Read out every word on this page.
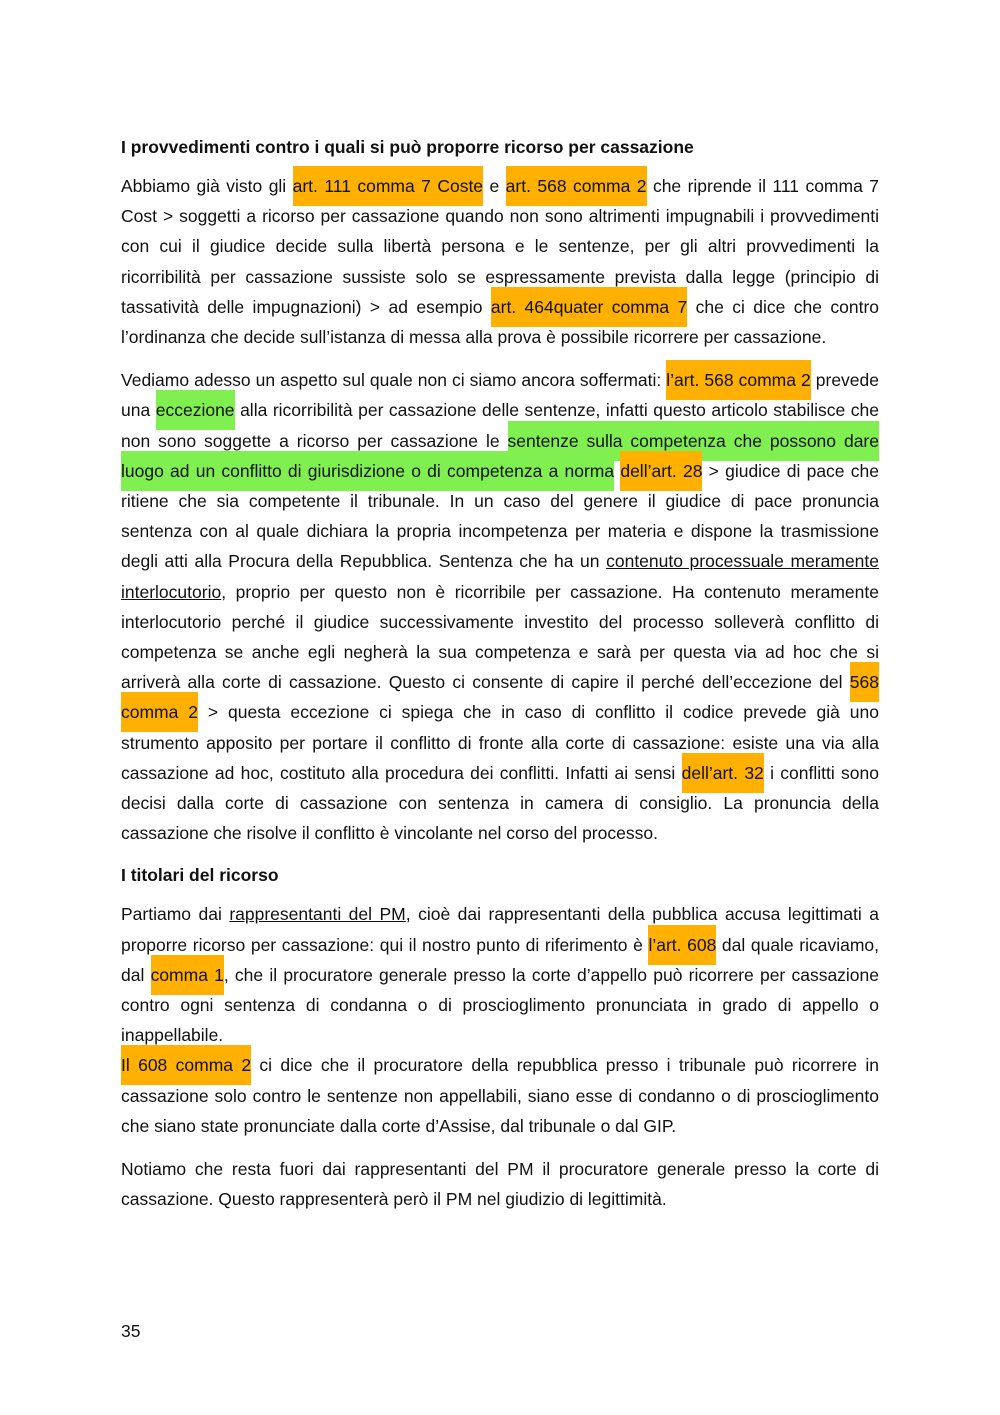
I provvedimenti contro i quali si può proporre ricorso per cassazione
Abbiamo già visto gli art. 111 comma 7 Coste e art. 568 comma 2 che riprende il 111 comma 7 Cost > soggetti a ricorso per cassazione quando non sono altrimenti impugnabili i provvedimenti con cui il giudice decide sulla libertà persona e le sentenze, per gli altri provvedimenti la ricorribilità per cassazione sussiste solo se espressamente prevista dalla legge (principio di tassatività delle impugnazioni) > ad esempio art. 464quater comma 7 che ci dice che contro l’ordinanza che decide sull’istanza di messa alla prova è possibile ricorrere per cassazione.
Vediamo adesso un aspetto sul quale non ci siamo ancora soffermati: l’art. 568 comma 2 prevede una eccezione alla ricorribilità per cassazione delle sentenze, infatti questo articolo stabilisce che non sono soggette a ricorso per cassazione le sentenze sulla competenza che possono dare luogo ad un conflitto di giurisdizione o di competenza a norma dell’art. 28 > giudice di pace che ritiene che sia competente il tribunale. In un caso del genere il giudice di pace pronuncia sentenza con al quale dichiara la propria incompetenza per materia e dispone la trasmissione degli atti alla Procura della Repubblica. Sentenza che ha un contenuto processuale meramente interlocutorio, proprio per questo non è ricorribile per cassazione. Ha contenuto meramente interlocutorio perché il giudice successivamente investito del processo solleverà conflitto di competenza se anche egli negherà la sua competenza e sarà per questa via ad hoc che si arriverà alla corte di cassazione. Questo ci consente di capire il perché dell’eccezione del 568 comma 2 > questa eccezione ci spiega che in caso di conflitto il codice prevede già uno strumento apposito per portare il conflitto di fronte alla corte di cassazione: esiste una via alla cassazione ad hoc, costituto alla procedura dei conflitti. Infatti ai sensi dell’art. 32 i conflitti sono decisi dalla corte di cassazione con sentenza in camera di consiglio. La pronuncia della cassazione che risolve il conflitto è vincolante nel corso del processo.
I titolari del ricorso
Partiamo dai rappresentanti del PM, cioè dai rappresentanti della pubblica accusa legittimati a proporre ricorso per cassazione: qui il nostro punto di riferimento è l’art. 608 dal quale ricaviamo, dal comma 1, che il procuratore generale presso la corte d’appello può ricorrere per cassazione contro ogni sentenza di condanna o di proscioglimento pronunciata in grado di appello o inappellabile.
Il 608 comma 2 ci dice che il procuratore della repubblica presso i tribunale può ricorrere in cassazione solo contro le sentenze non appellabili, siano esse di condanno o di proscioglimento che siano state pronunciate dalla corte d’Assise, dal tribunale o dal GIP.
Notiamo che resta fuori dai rappresentanti del PM il procuratore generale presso la corte di cassazione. Questo rappresenterà però il PM nel giudizio di legittimità.
35
